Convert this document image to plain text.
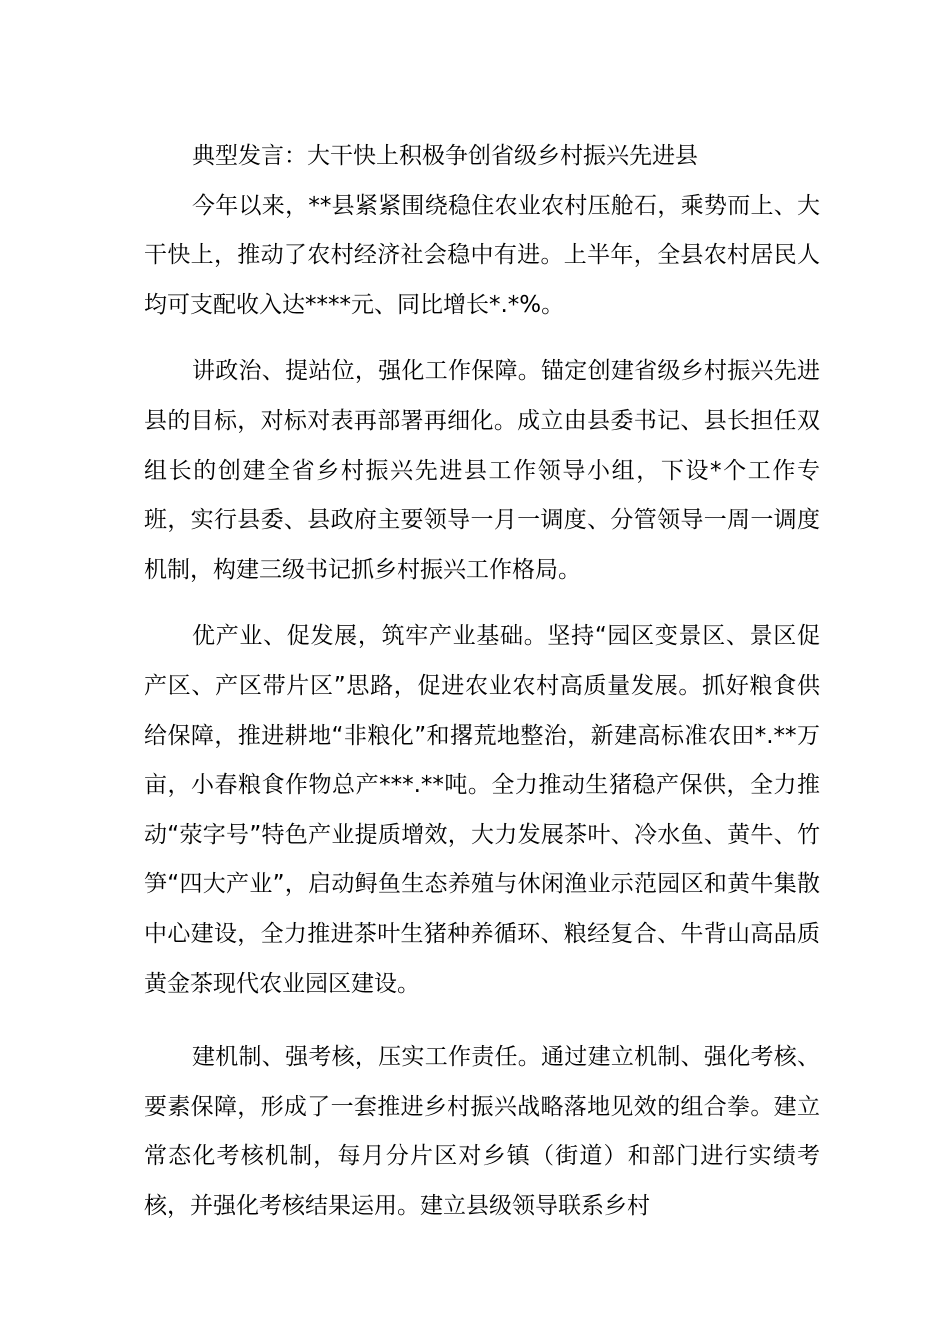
典型发言：大干快上积极争创省级乡村振兴先进县

今年以来，**县紧紧围绕稳住农业农村压舱石，乘势而上、大干快上，推动了农村经济社会稳中有进。上半年，全县农村居民人均可支配收入达****元、同比增长*.*%。

讲政治、提站位，强化工作保障。锚定创建省级乡村振兴先进县的目标，对标对表再部署再细化。成立由县委书记、县长担任双组长的创建全省乡村振兴先进县工作领导小组，下设*个工作专班，实行县委、县政府主要领导一月一调度、分管领导一周一调度机制，构建三级书记抓乡村振兴工作格局。

优产业、促发展，筑牢产业基础。坚持“园区变景区、景区促产区、产区带片区”思路，促进农业农村高质量发展。抓好粮食供给保障，推进耕地“非粮化”和撂荒地整治，新建高标准农田*.**万亩，小春粮食作物总产***.**吨。全力推动生猪稳产保供，全力推动“荥字号”特色产业提质增效，大力发展茶叶、冷水鱼、黄牛、竹笋“四大产业”，启动鲟鱼生态养殖与休闲渔业示范园区和黄牛集散中心建设，全力推进茶叶生猪种养循环、粮经复合、牛背山高品质黄金茶现代农业园区建设。

建机制、强考核，压实工作责任。通过建立机制、强化考核、要素保障，形成了一套推进乡村振兴战略落地见效的组合拳。建立常态化考核机制，每月分片区对乡镇（街道）和部门进行实绩考核，并强化考核结果运用。建立县级领导联系乡村
